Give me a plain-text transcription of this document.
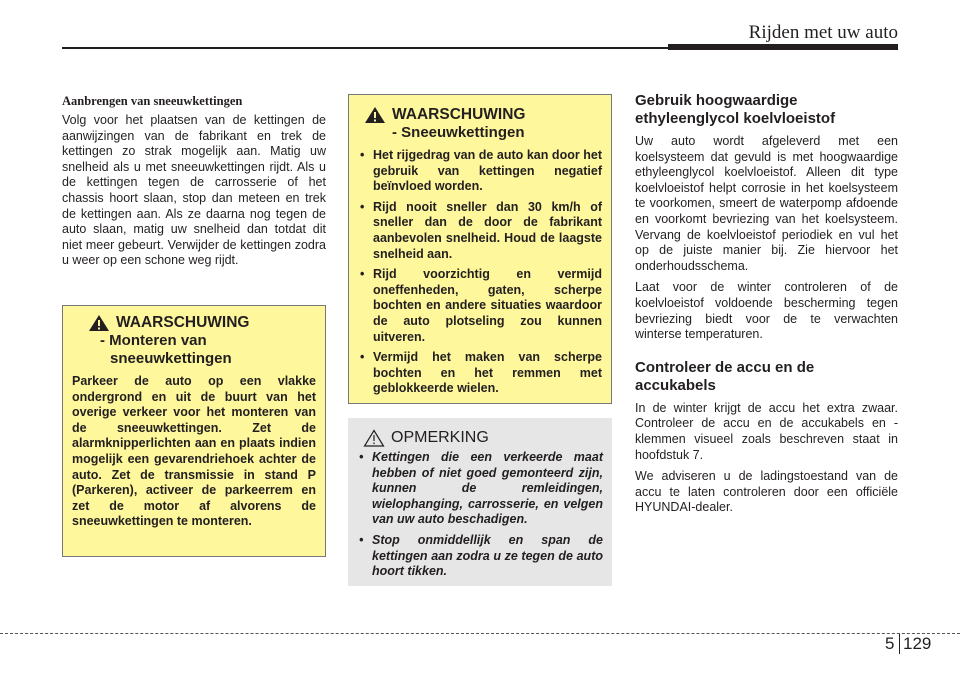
Rijden met uw auto
Aanbrengen van sneeuwkettingen

Volg voor het plaatsen van de kettingen de aanwijzingen van de fabrikant en trek de kettingen zo strak mogelijk aan. Matig uw snelheid als u met sneeuwkettingen rijdt. Als u de kettingen tegen de carrosserie of het chassis hoort slaan, stop dan meteen en trek de kettingen aan. Als ze daarna nog tegen de auto slaan, matig uw snelheid dan totdat dit niet meer gebeurt. Verwijder de kettingen zodra u weer op een schone weg rijdt.

WAARSCHUWING
- Monteren van
sneeuwkettingen
Parkeer de auto op een vlakke ondergrond en uit de buurt van het overige verkeer voor het monteren van de sneeuwkettingen. Zet de alarmknipperlichten aan en plaats indien mogelijk een gevarendriehoek achter de auto. Zet de transmissie in stand P (Parkeren), activeer de parkeerrem en zet de motor af alvorens de sneeuwkettingen te monteren.
WAARSCHUWING
- Sneeuwkettingen
• Het rijgedrag van de auto kan door het gebruik van kettingen negatief beïnvloed worden.
• Rijd nooit sneller dan 30 km/h of sneller dan de door de fabrikant aanbevolen snelheid. Houd de laagste snelheid aan.
• Rijd voorzichtig en vermijd oneffenheden, gaten, scherpe bochten en andere situaties waardoor de auto plotseling zou kunnen uitveren.
• Vermijd het maken van scherpe bochten en het remmen met geblokkeerde wielen.
OPMERKING
• Kettingen die een verkeerde maat hebben of niet goed gemonteerd zijn, kunnen de remleidingen, wielophanging, carrosserie, en velgen van uw auto beschadigen.
• Stop onmiddellijk en span de kettingen aan zodra u ze tegen de auto hoort tikken.
Gebruik hoogwaardige ethyleenglycol koelvloeistof

Uw auto wordt afgeleverd met een koelsysteem dat gevuld is met hoogwaardige ethyleenglycol koelvloeistof. Alleen dit type koelvloeistof helpt corrosie in het koelsysteem te voorkomen, smeert de waterpomp afdoende en voorkomt bevriezing van het koelsysteem. Vervang de koelvloeistof periodiek en vul het op de juiste manier bij. Zie hiervoor het onderhoudsschema.

Laat voor de winter controleren of de koelvloeistof voldoende bescherming tegen bevriezing biedt voor de te verwachten winterse temperaturen.

Controleer de accu en de accukabels

In de winter krijgt de accu het extra zwaar. Controleer de accu en de accukabels en -klemmen visueel zoals beschreven staat in hoofdstuk 7.

We adviseren u de ladingstoestand van de accu te laten controleren door een officiële HYUNDAI-dealer.

5 129
